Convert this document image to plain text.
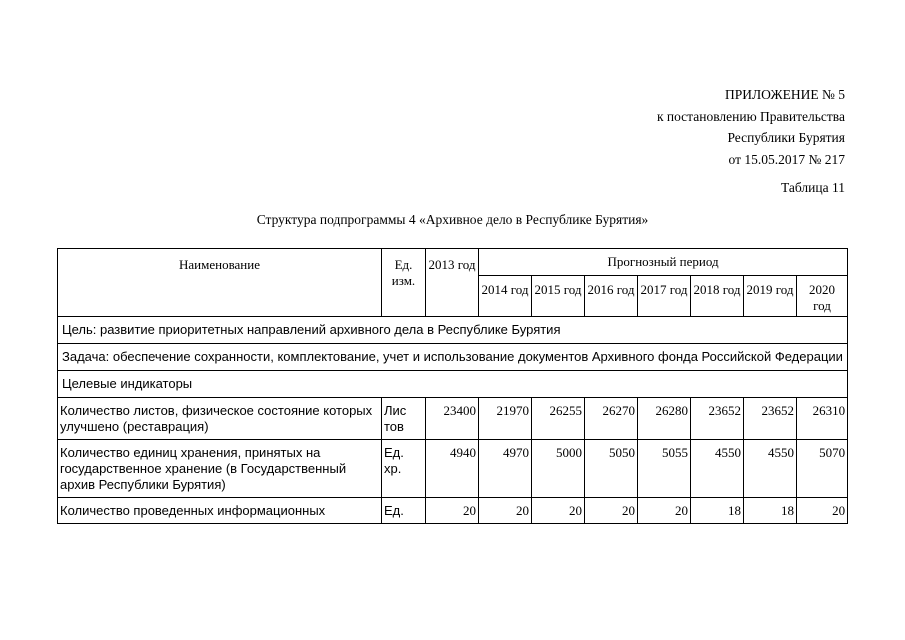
ПРИЛОЖЕНИЕ № 5
к постановлению Правительства
Республики Бурятия
от 15.05.2017 № 217
Таблица 11
Структура подпрограммы 4 «Архивное дело в Республике Бурятия»
Наименование	Ед. изм.	2013 год	Прогнозный период						
			2014 год	2015 год	2016 год	2017 год	2018 год	2019 год	2020 год
Цель: развитие приоритетных направлений архивного дела в Республике Бурятия									
Задача: обеспечение сохранности, комплектование, учет и использование документов Архивного фонда Российской Федерации									
Целевые индикаторы									
Количество листов, физическое состояние которых улучшено (реставрация)	Лис тов	23400	21970	26255	26270	26280	23652	23652	26310
Количество единиц хранения, принятых на государственное хранение (в Государственный архив Республики Бурятия)	Ед. хр.	4940	4970	5000	5050	5055	4550	4550	5070
Количество проведенных информационных	Ед.	20	20	20	20	20	18	18	20
